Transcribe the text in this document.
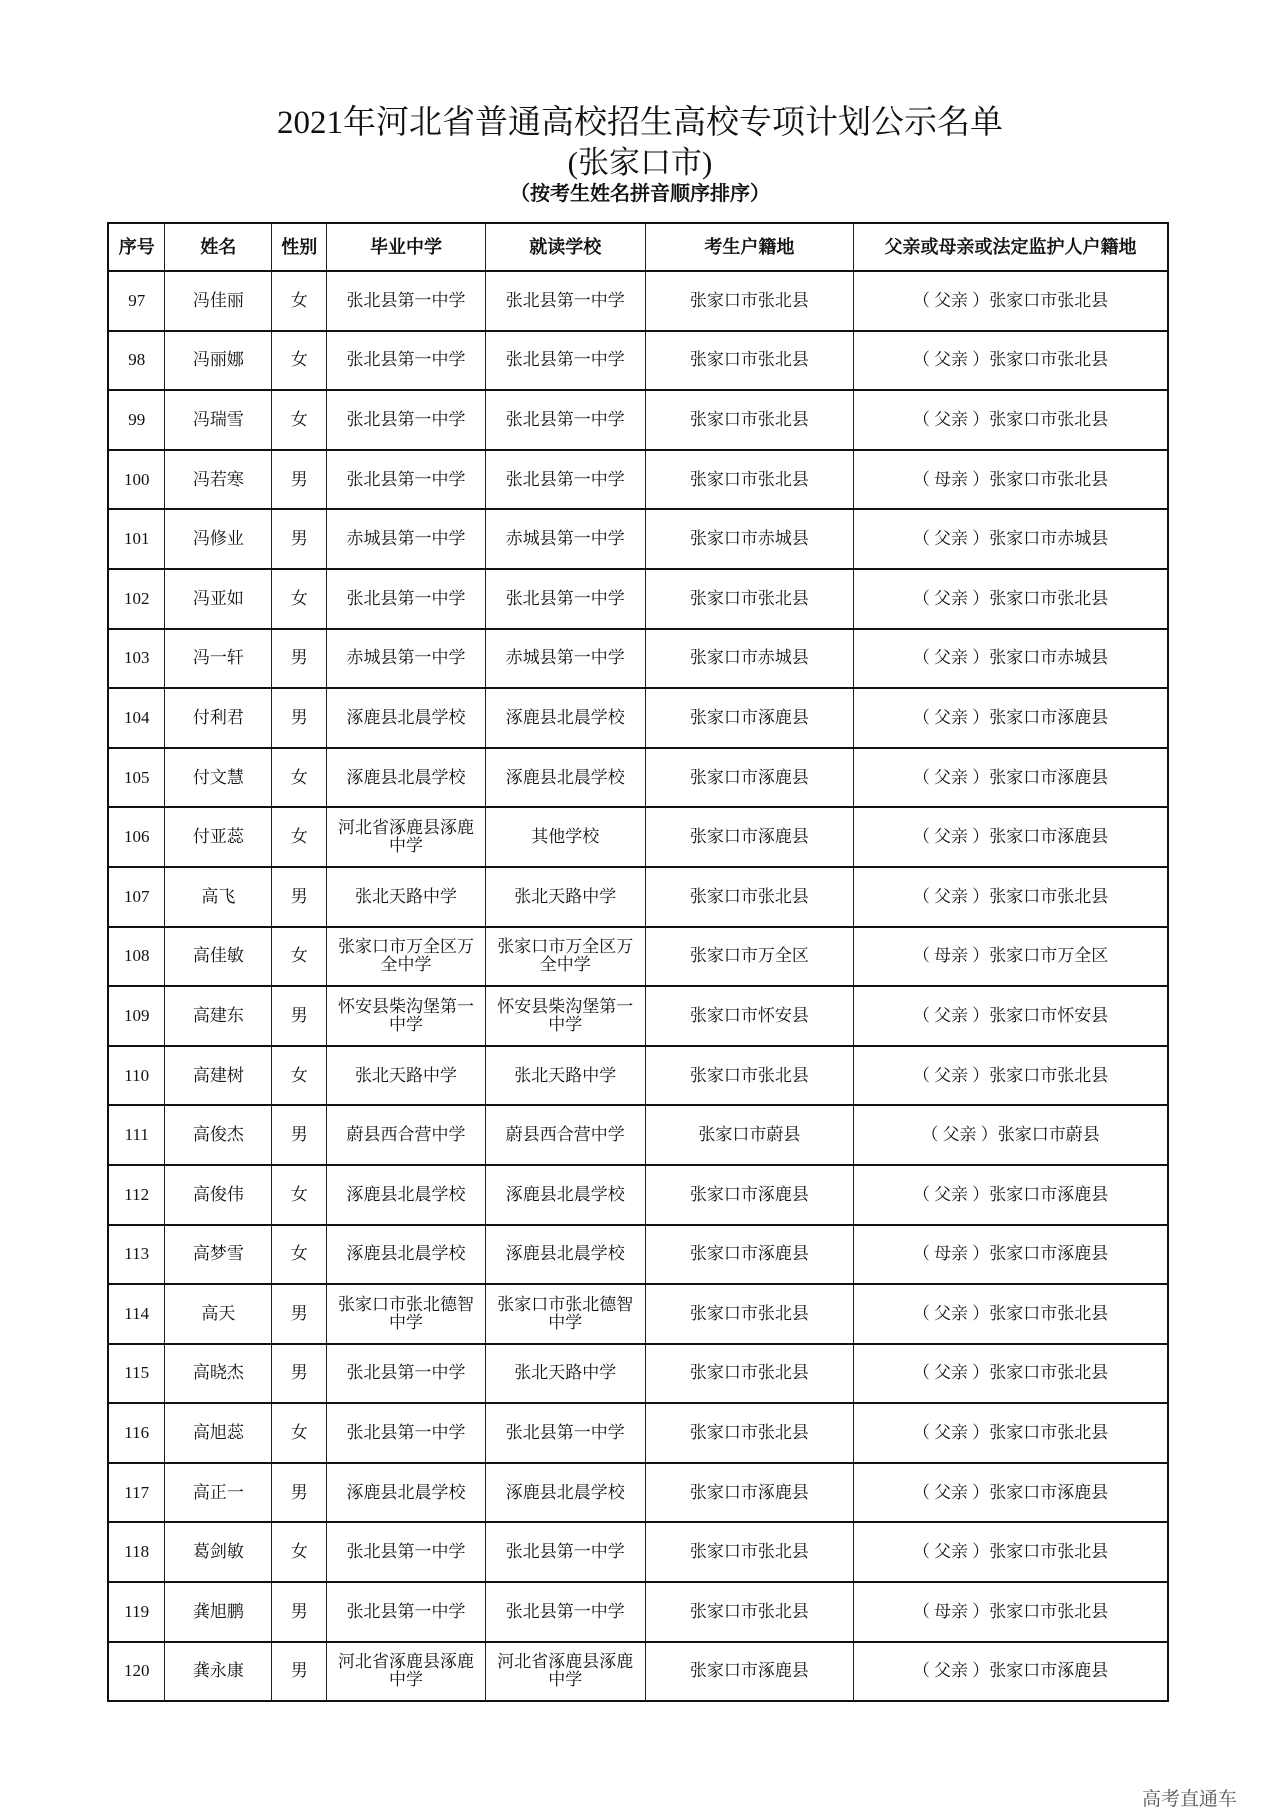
2021年河北省普通高校招生高校专项计划公示名单
(张家口市)
（按考生姓名拼音顺序排序）
序号	姓名	性别	毕业中学	就读学校	考生户籍地	父亲或母亲或法定监护人户籍地
97	冯佳丽	女	张北县第一中学	张北县第一中学	张家口市张北县	（ 父亲 ）张家口市张北县
98	冯丽娜	女	张北县第一中学	张北县第一中学	张家口市张北县	（ 父亲 ）张家口市张北县
99	冯瑞雪	女	张北县第一中学	张北县第一中学	张家口市张北县	（ 父亲 ）张家口市张北县
100	冯若寒	男	张北县第一中学	张北县第一中学	张家口市张北县	（ 母亲 ）张家口市张北县
101	冯修业	男	赤城县第一中学	赤城县第一中学	张家口市赤城县	（ 父亲 ）张家口市赤城县
102	冯亚如	女	张北县第一中学	张北县第一中学	张家口市张北县	（ 父亲 ）张家口市张北县
103	冯一轩	男	赤城县第一中学	赤城县第一中学	张家口市赤城县	（ 父亲 ）张家口市赤城县
104	付利君	男	涿鹿县北晨学校	涿鹿县北晨学校	张家口市涿鹿县	（ 父亲 ）张家口市涿鹿县
105	付文慧	女	涿鹿县北晨学校	涿鹿县北晨学校	张家口市涿鹿县	（ 父亲 ）张家口市涿鹿县
106	付亚蕊	女	河北省涿鹿县涿鹿中学	其他学校	张家口市涿鹿县	（ 父亲 ）张家口市涿鹿县
107	高飞	男	张北天路中学	张北天路中学	张家口市张北县	（ 父亲 ）张家口市张北县
108	高佳敏	女	张家口市万全区万全中学	张家口市万全区万全中学	张家口市万全区	（ 母亲 ）张家口市万全区
109	高建东	男	怀安县柴沟堡第一中学	怀安县柴沟堡第一中学	张家口市怀安县	（ 父亲 ）张家口市怀安县
110	高建树	女	张北天路中学	张北天路中学	张家口市张北县	（ 父亲 ）张家口市张北县
111	高俊杰	男	蔚县西合营中学	蔚县西合营中学	张家口市蔚县	（ 父亲 ）张家口市蔚县
112	高俊伟	女	涿鹿县北晨学校	涿鹿县北晨学校	张家口市涿鹿县	（ 父亲 ）张家口市涿鹿县
113	高梦雪	女	涿鹿县北晨学校	涿鹿县北晨学校	张家口市涿鹿县	（ 母亲 ）张家口市涿鹿县
114	高天	男	张家口市张北德智中学	张家口市张北德智中学	张家口市张北县	（ 父亲 ）张家口市张北县
115	高晓杰	男	张北县第一中学	张北天路中学	张家口市张北县	（ 父亲 ）张家口市张北县
116	高旭蕊	女	张北县第一中学	张北县第一中学	张家口市张北县	（ 父亲 ）张家口市张北县
117	高正一	男	涿鹿县北晨学校	涿鹿县北晨学校	张家口市涿鹿县	（ 父亲 ）张家口市涿鹿县
118	葛剑敏	女	张北县第一中学	张北县第一中学	张家口市张北县	（ 父亲 ）张家口市张北县
119	龚旭鹏	男	张北县第一中学	张北县第一中学	张家口市张北县	（ 母亲 ）张家口市张北县
120	龚永康	男	河北省涿鹿县涿鹿中学	河北省涿鹿县涿鹿中学	张家口市涿鹿县	（ 父亲 ）张家口市涿鹿县
高考直通车
